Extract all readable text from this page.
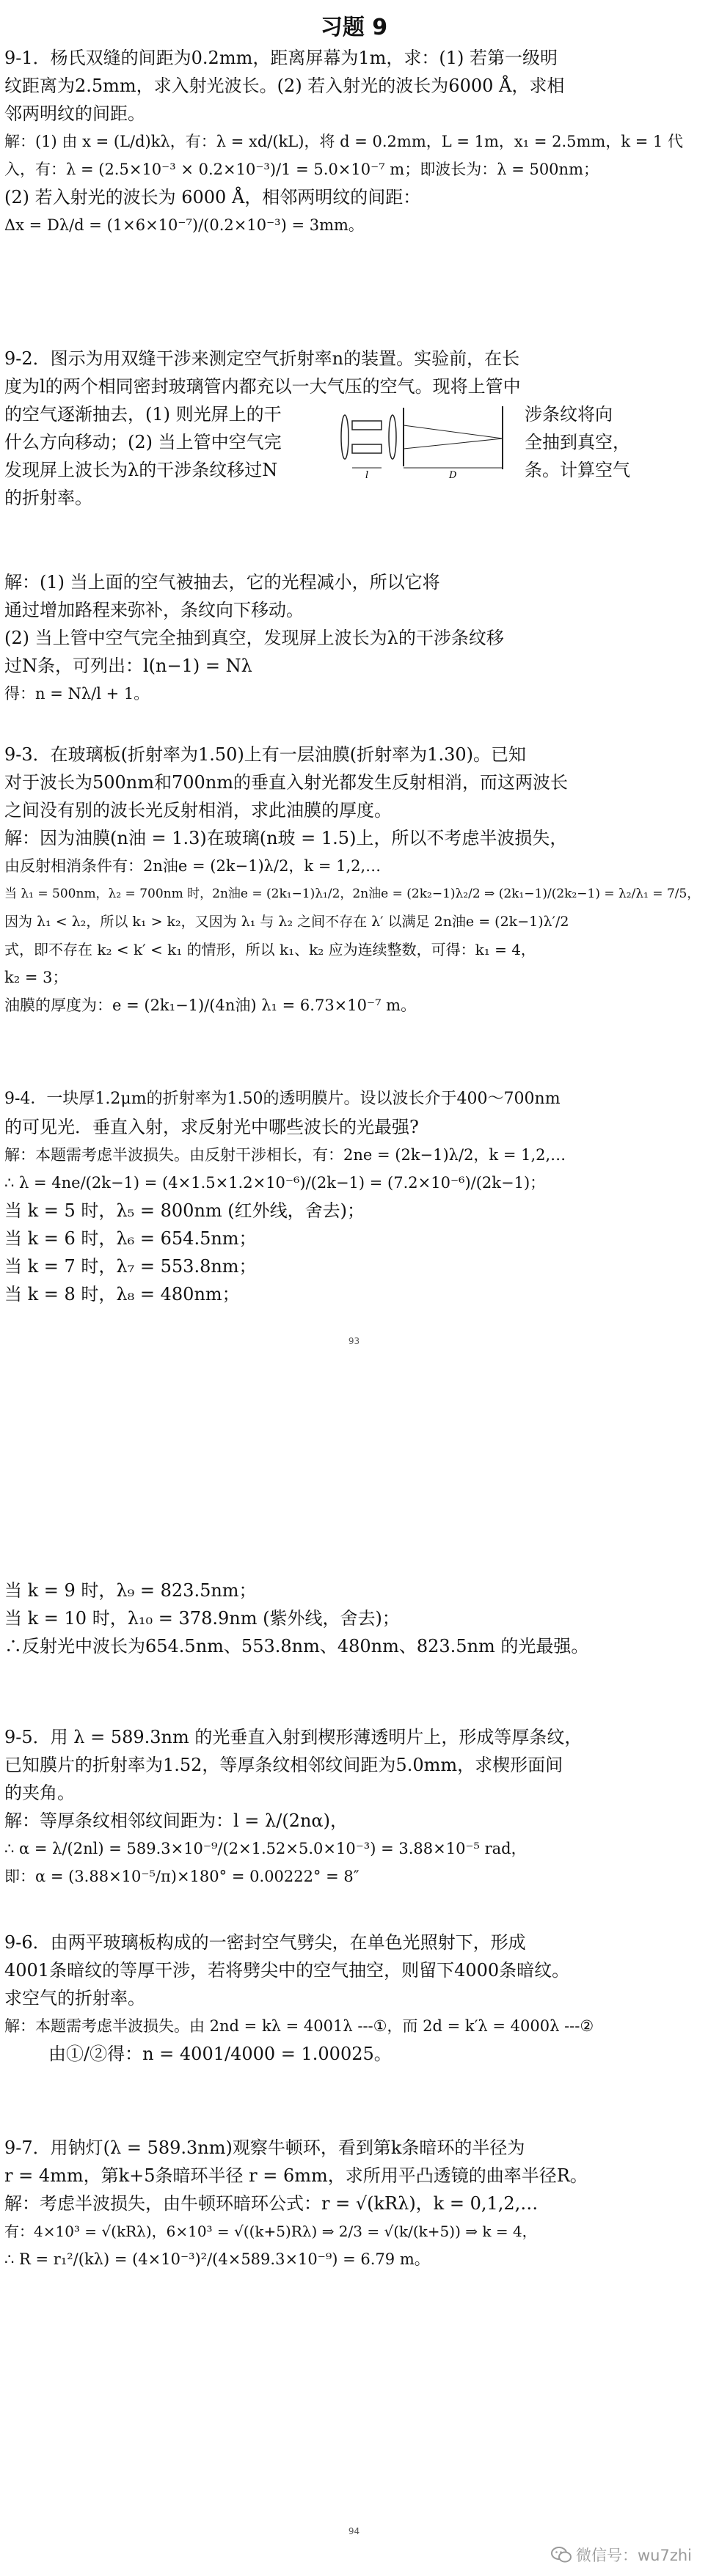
习题 9
9-1．杨氏双缝的间距为0.2mm，距离屏幕为1m，求：(1) 若第一级明
纹距离为2.5mm，求入射光波长。(2) 若入射光的波长为6000 Å，求相
邻两明纹的间距。
解：(1) 由 x = (L/d)kλ，有：λ = xd/(kL)，将 d = 0.2mm，L = 1m，x₁ = 2.5mm，k = 1 代
入，有：λ = (2.5×10⁻³ × 0.2×10⁻³)/1 = 5.0×10⁻⁷ m；即波长为：λ = 500nm；
(2) 若入射光的波长为 6000 Å，相邻两明纹的间距：
Δx = Dλ/d = (1×6×10⁻⁷)/(0.2×10⁻³) = 3mm。
9-2．图示为用双缝干涉来测定空气折射率n的装置。实验前，在长
度为l的两个相同密封玻璃管内都充以一大气压的空气。现将上管中
的空气逐渐抽去，(1) 则光屏上的干
什么方向移动；(2) 当上管中空气完
发现屏上波长为λ的干涉条纹移过N
的折射率。
涉条纹将向
全抽到真空，
条。计算空气
l	D
解：(1) 当上面的空气被抽去，它的光程减小，所以它将
通过增加路程来弥补，条纹向下移动。
(2) 当上管中空气完全抽到真空，发现屏上波长为λ的干涉条纹移
过N条，可列出：l(n−1) = Nλ
得：n = Nλ/l + 1。
9-3．在玻璃板(折射率为1.50)上有一层油膜(折射率为1.30)。已知
对于波长为500nm和700nm的垂直入射光都发生反射相消，而这两波长
之间没有别的波长光反射相消，求此油膜的厚度。
解：因为油膜(n油 = 1.3)在玻璃(n玻 = 1.5)上，所以不考虑半波损失，
由反射相消条件有：2n油e = (2k−1)λ/2，k = 1,2,…
当 λ₁ = 500nm，λ₂ = 700nm 时，2n油e = (2k₁−1)λ₁/2，2n油e = (2k₂−1)λ₂/2 ⇒ (2k₁−1)/(2k₂−1) = λ₂/λ₁ = 7/5，
因为 λ₁ < λ₂，所以 k₁ > k₂，又因为 λ₁ 与 λ₂ 之间不存在 λ′ 以满足 2n油e = (2k−1)λ′/2
式，即不存在 k₂ < k′ < k₁ 的情形，所以 k₁、k₂ 应为连续整数，可得：k₁ = 4，
k₂ = 3；
油膜的厚度为：e = (2k₁−1)/(4n油) λ₁ = 6.73×10⁻⁷ m。
9-4．一块厚1.2μm的折射率为1.50的透明膜片。设以波长介于400～700nm
的可见光．垂直入射，求反射光中哪些波长的光最强?
解：本题需考虑半波损失。由反射干涉相长，有：2ne = (2k−1)λ/2，k = 1,2,…
∴ λ = 4ne/(2k−1) = (4×1.5×1.2×10⁻⁶)/(2k−1) = (7.2×10⁻⁶)/(2k−1)；
当 k = 5 时，λ₅ = 800nm (红外线，舍去)；
当 k = 6 时，λ₆ = 654.5nm；
当 k = 7 时，λ₇ = 553.8nm；
当 k = 8 时，λ₈ = 480nm；
93
当 k = 9 时，λ₉ = 823.5nm；
当 k = 10 时，λ₁₀ = 378.9nm (紫外线，舍去)；
∴反射光中波长为654.5nm、553.8nm、480nm、823.5nm 的光最强。
9-5．用 λ = 589.3nm 的光垂直入射到楔形薄透明片上，形成等厚条纹，
已知膜片的折射率为1.52，等厚条纹相邻纹间距为5.0mm，求楔形面间
的夹角。
解：等厚条纹相邻纹间距为：l = λ/(2nα)，
∴ α = λ/(2nl) = 589.3×10⁻⁹/(2×1.52×5.0×10⁻³) = 3.88×10⁻⁵ rad，
即：α = (3.88×10⁻⁵/π)×180° = 0.00222° = 8″
9-6．由两平玻璃板构成的一密封空气劈尖，在单色光照射下，形成
4001条暗纹的等厚干涉，若将劈尖中的空气抽空，则留下4000条暗纹。
求空气的折射率。
解：本题需考虑半波损失。由 2nd = kλ = 4001λ ---①，而 2d = k′λ = 4000λ ---②
由①/②得：n = 4001/4000 = 1.00025。
9-7．用钠灯(λ = 589.3nm)观察牛顿环，看到第k条暗环的半径为
r = 4mm，第k+5条暗环半径 r = 6mm，求所用平凸透镜的曲率半径R。
解：考虑半波损失，由牛顿环暗环公式：r = √(kRλ)，k = 0,1,2,…
有：4×10³ = √(kRλ)，6×10³ = √((k+5)Rλ) ⇒ 2/3 = √(k/(k+5)) ⇒ k = 4，
∴ R = r₁²/(kλ) = (4×10⁻³)²/(4×589.3×10⁻⁹) = 6.79 m。
94
微信号：wu7zhi
